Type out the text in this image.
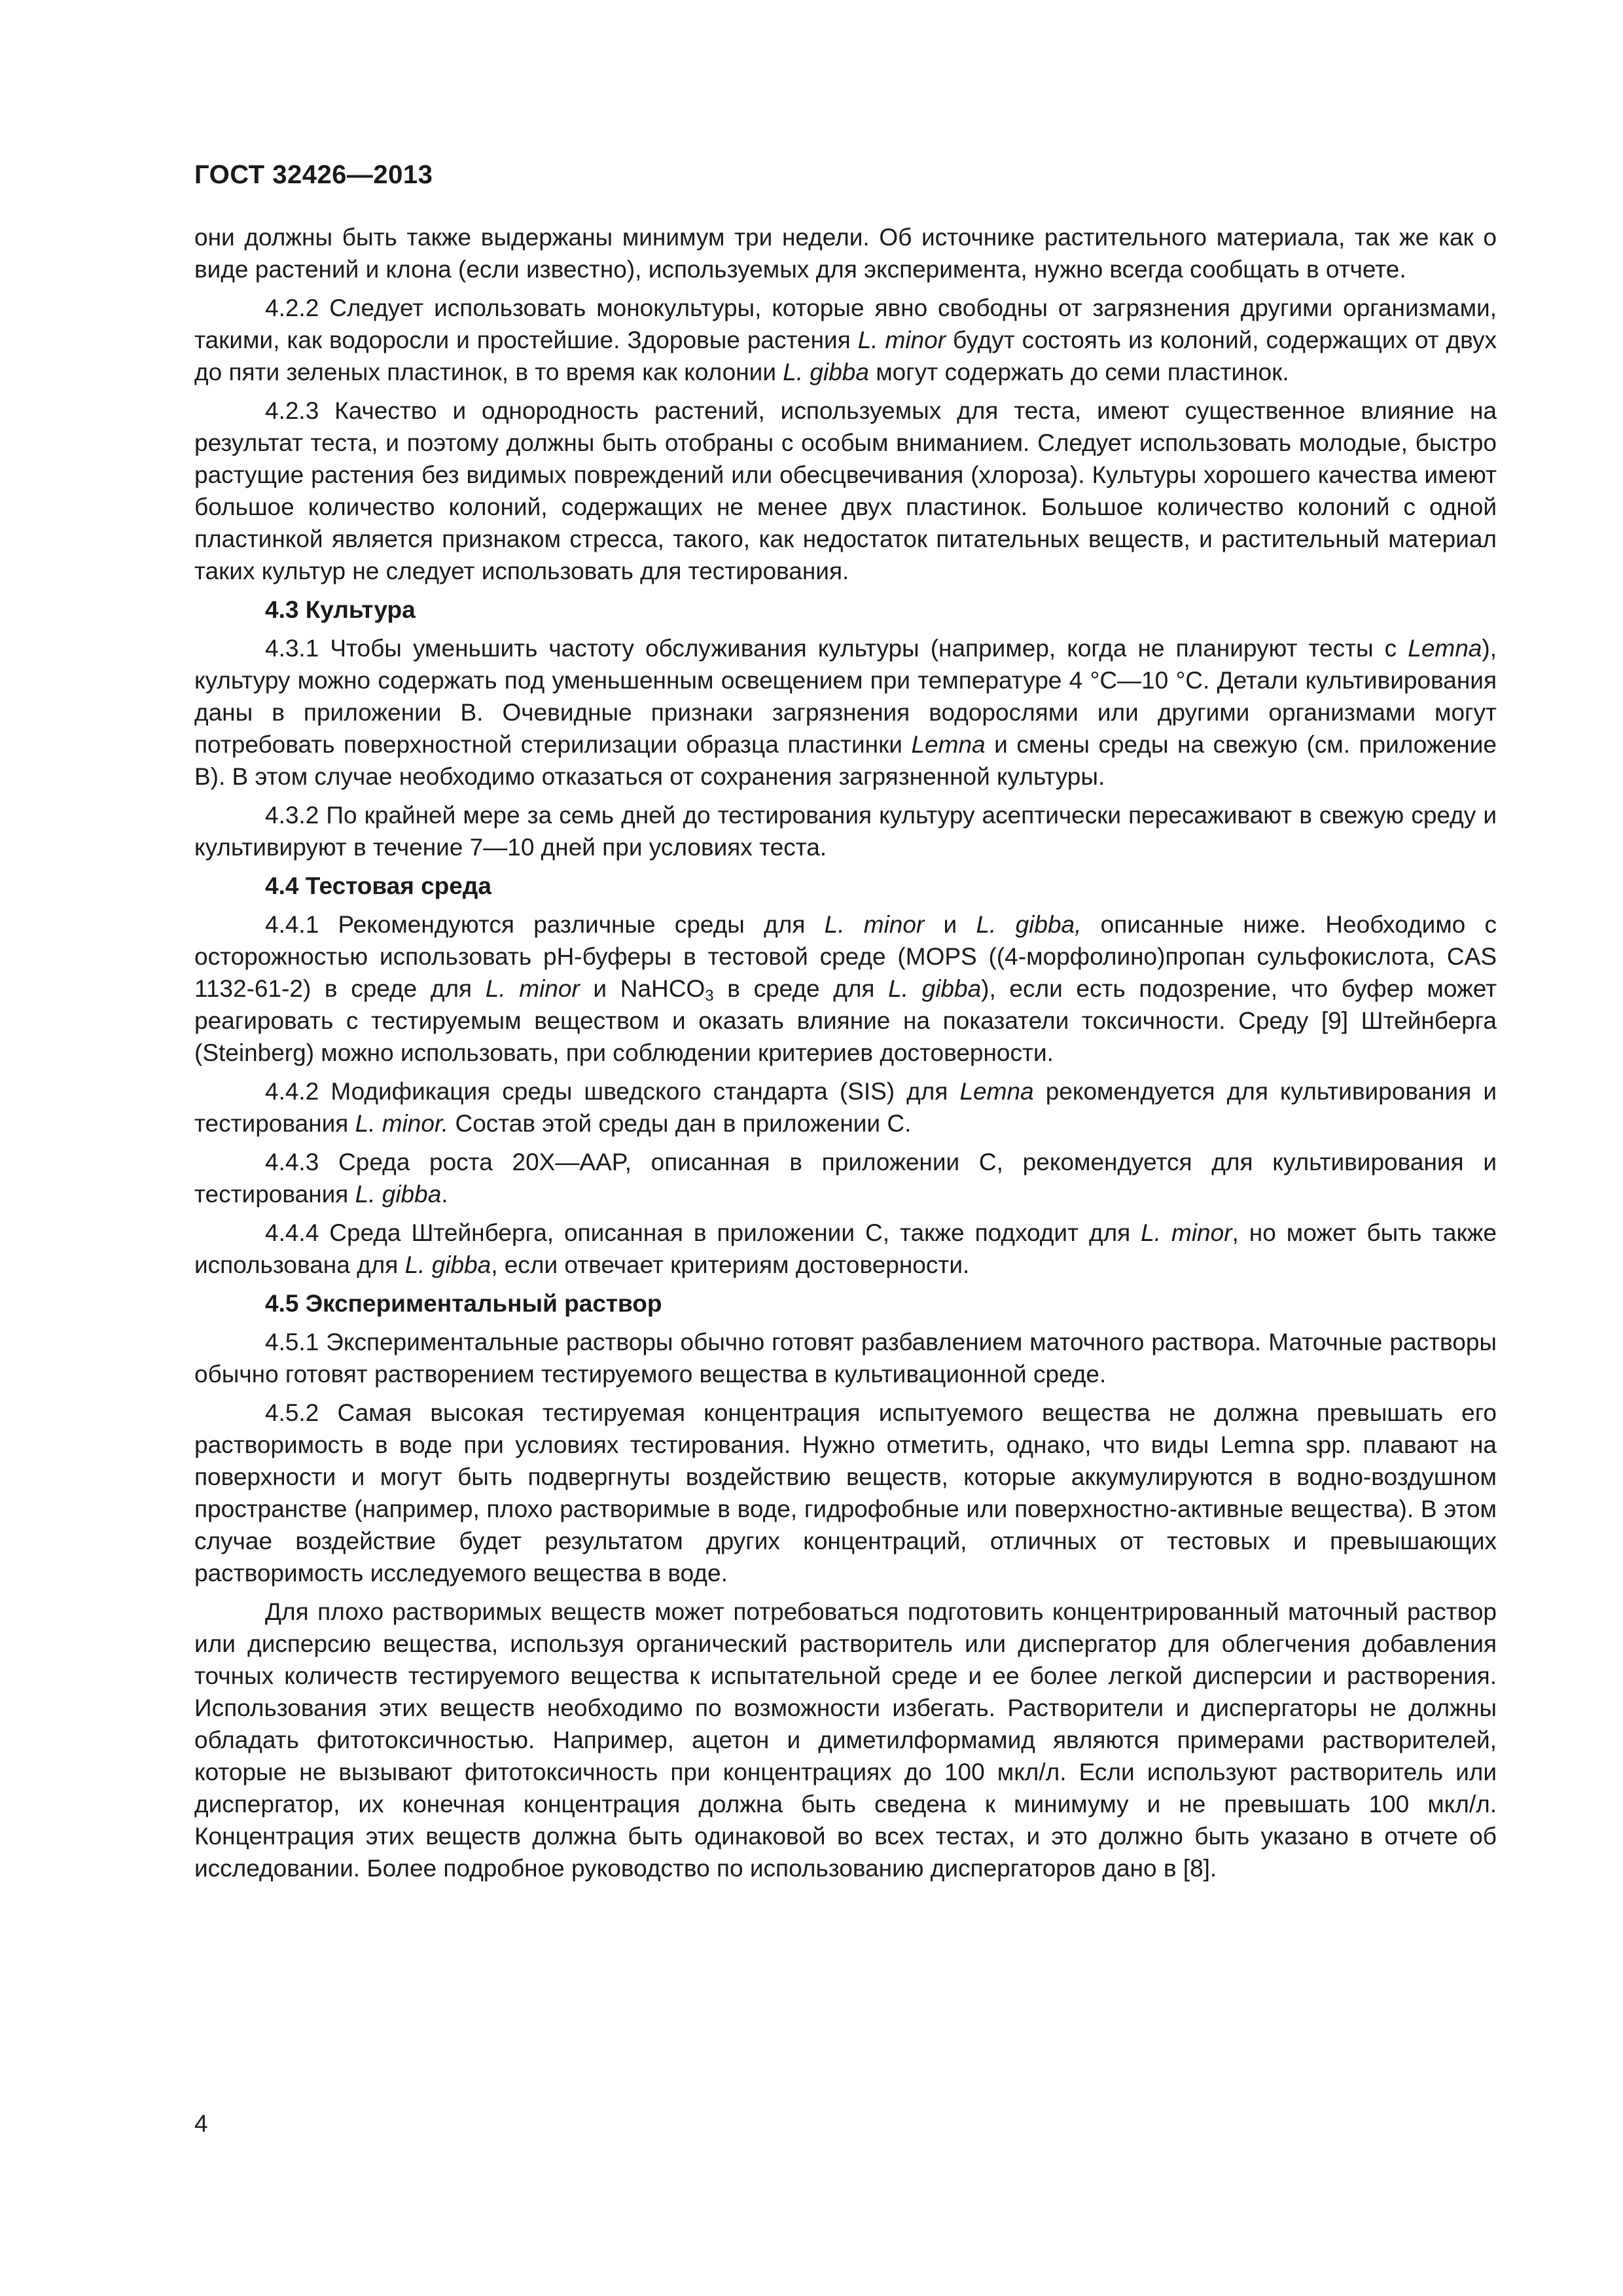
ГОСТ 32426—2013

они должны быть также выдержаны минимум три недели. Об источнике растительного материала, так же как о виде растений и клона (если известно), используемых для эксперимента, нужно всегда сообщать в отчете.

4.2.2 Следует использовать монокультуры, которые явно свободны от загрязнения другими организмами, такими, как водоросли и простейшие. Здоровые растения L. minor будут состоять из колоний, содержащих от двух до пяти зеленых пластинок, в то время как колонии L. gibba могут содержать до семи пластинок.

4.2.3 Качество и однородность растений, используемых для теста, имеют существенное влияние на результат теста, и поэтому должны быть отобраны с особым вниманием. Следует использовать молодые, быстро растущие растения без видимых повреждений или обесцвечивания (хлороза). Культуры хорошего качества имеют большое количество колоний, содержащих не менее двух пластинок. Большое количество колоний с одной пластинкой является признаком стресса, такого, как недостаток питательных веществ, и растительный материал таких культур не следует использовать для тестирования.

4.3 Культура

4.3.1 Чтобы уменьшить частоту обслуживания культуры (например, когда не планируют тесты с Lemna), культуру можно содержать под уменьшенным освещением при температуре 4 °С—10 °С. Детали культивирования даны в приложении В. Очевидные признаки загрязнения водорослями или другими организмами могут потребовать поверхностной стерилизации образца пластинки Lemna и смены среды на свежую (см. приложение В). В этом случае необходимо отказаться от сохранения загрязненной культуры.

4.3.2 По крайней мере за семь дней до тестирования культуру асептически пересаживают в свежую среду и культивируют в течение 7—10 дней при условиях теста.

4.4 Тестовая среда

4.4.1 Рекомендуются различные среды для L. minor и L. gibba, описанные ниже. Необходимо с осторожностью использовать pH-буферы в тестовой среде (MOPS ((4-морфолино)пропан сульфокислота, CAS 1132-61-2) в среде для L. minor и NaHCO$_3$ в среде для L. gibba), если есть подозрение, что буфер может реагировать с тестируемым веществом и оказать влияние на показатели токсичности. Среду [9] Штейнберга (Steinberg) можно использовать, при соблюдении критериев достоверности.

4.4.2 Модификация среды шведского стандарта (SIS) для Lemna рекомендуется для культивирования и тестирования L. minor. Состав этой среды дан в приложении С.

4.4.3 Среда роста 20X—AAP, описанная в приложении С, рекомендуется для культивирования и тестирования L. gibba.

4.4.4 Среда Штейнберга, описанная в приложении С, также подходит для L. minor, но может быть также использована для L. gibba, если отвечает критериям достоверности.

4.5 Экспериментальный раствор

4.5.1 Экспериментальные растворы обычно готовят разбавлением маточного раствора. Маточные растворы обычно готовят растворением тестируемого вещества в культивационной среде.

4.5.2 Самая высокая тестируемая концентрация испытуемого вещества не должна превышать его растворимость в воде при условиях тестирования. Нужно отметить, однако, что виды Lemna spp. плавают на поверхности и могут быть подвергнуты воздействию веществ, которые аккумулируются в водно-воздушном пространстве (например, плохо растворимые в воде, гидрофобные или поверхностно-активные вещества). В этом случае воздействие будет результатом других концентраций, отличных от тестовых и превышающих растворимость исследуемого вещества в воде.

Для плохо растворимых веществ может потребоваться подготовить концентрированный маточный раствор или дисперсию вещества, используя органический растворитель или диспергатор для облегчения добавления точных количеств тестируемого вещества к испытательной среде и ее более легкой дисперсии и растворения. Использования этих веществ необходимо по возможности избегать. Растворители и диспергаторы не должны обладать фитотоксичностью. Например, ацетон и диметилформамид являются примерами растворителей, которые не вызывают фитотоксичность при концентрациях до 100 мкл/л. Если используют растворитель или диспергатор, их конечная концентрация должна быть сведена к минимуму и не превышать 100 мкл/л. Концентрация этих веществ должна быть одинаковой во всех тестах, и это должно быть указано в отчете об исследовании. Более подробное руководство по использованию диспергаторов дано в [8].

4
